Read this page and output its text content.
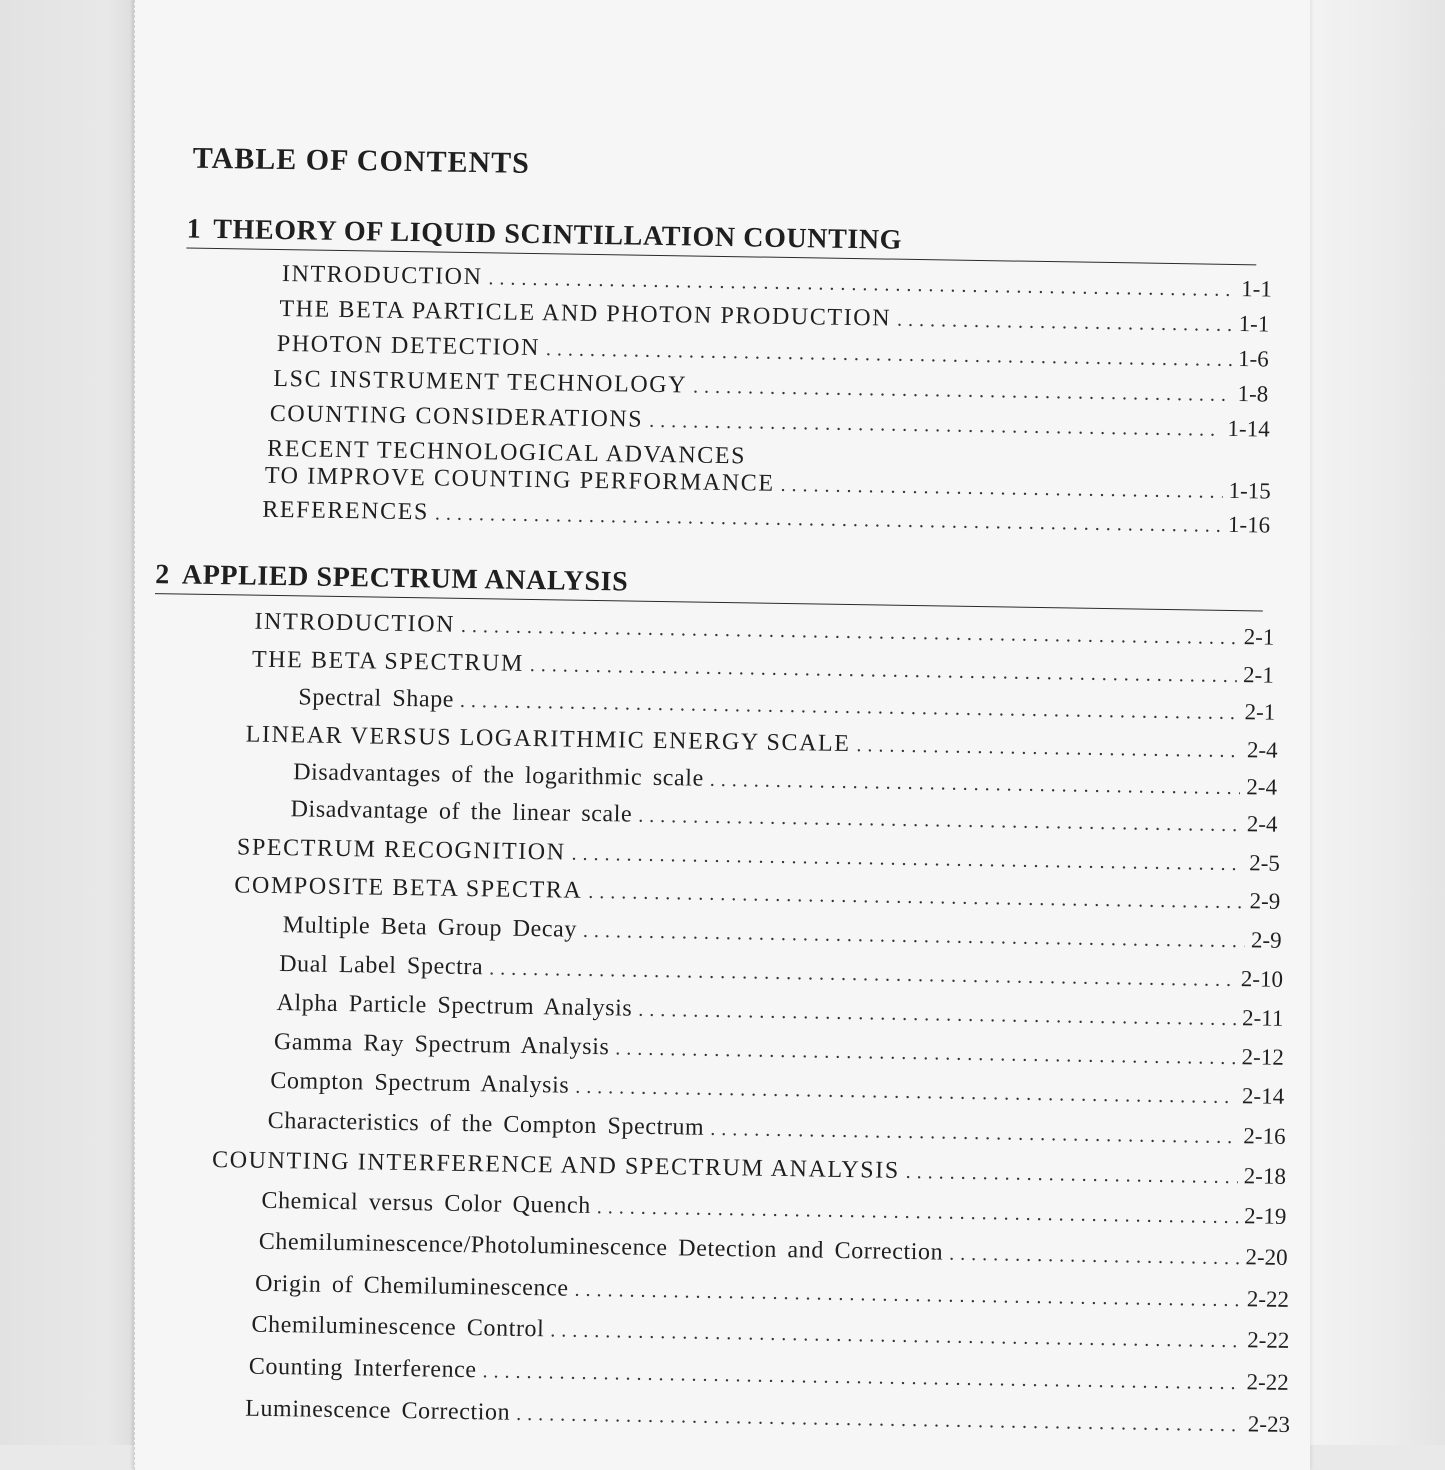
TABLE OF CONTENTS
1 THEORY OF LIQUID SCINTILLATION COUNTING
INTRODUCTION .....	1-1
THE BETA PARTICLE AND PHOTON PRODUCTION .....	1-1
PHOTON DETECTION .....	1-6
LSC INSTRUMENT TECHNOLOGY .....	1-8
COUNTING CONSIDERATIONS .....	1-14
RECENT TECHNOLOGICAL ADVANCES
TO IMPROVE COUNTING PERFORMANCE .....	1-15
REFERENCES .....	1-16
2 APPLIED SPECTRUM ANALYSIS
INTRODUCTION .....	2-1
THE BETA SPECTRUM .....	2-1
Spectral Shape .....	2-1
LINEAR VERSUS LOGARITHMIC ENERGY SCALE .....	2-4
Disadvantages of the logarithmic scale .....	2-4
Disadvantage of the linear scale .....	2-4
SPECTRUM RECOGNITION .....	2-5
COMPOSITE BETA SPECTRA .....	2-9
Multiple Beta Group Decay .....	2-9
Dual Label Spectra .....	2-10
Alpha Particle Spectrum Analysis .....	2-11
Gamma Ray Spectrum Analysis .....	2-12
Compton Spectrum Analysis .....	2-14
Characteristics of the Compton Spectrum .....	2-16
COUNTING INTERFERENCE AND SPECTRUM ANALYSIS .....	2-18
Chemical versus Color Quench .....	2-19
Chemiluminescence/Photoluminescence Detection and Correction .....	2-20
Origin of Chemiluminescence .....	2-22
Chemiluminescence Control .....	2-22
Counting Interference .....	2-22
Luminescence Correction .....	2-23
